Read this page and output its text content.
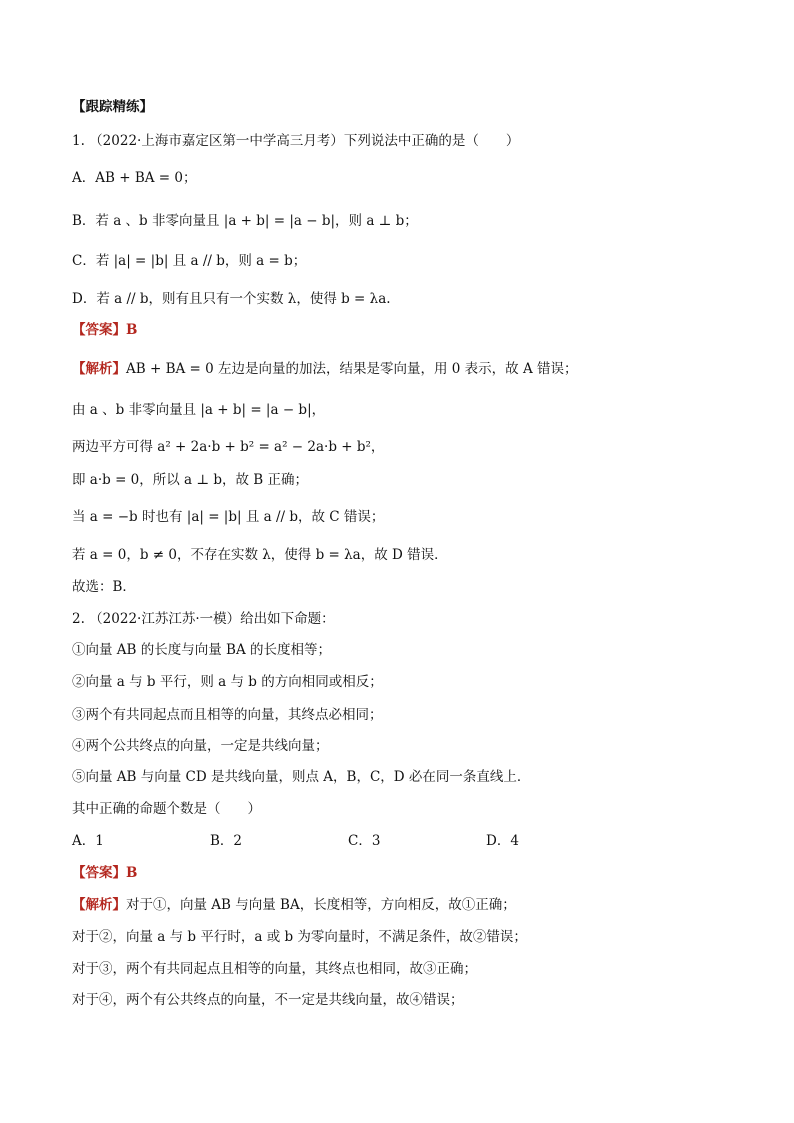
【跟踪精练】
1. （2022·上海市嘉定区第一中学高三月考）下列说法中正确的是（　　）
A．AB + BA = 0；
B．若 a 、b 非零向量且 |a + b| = |a − b|，则 a ⊥ b；
C．若 |a| = |b| 且 a // b，则 a = b；
D．若 a // b，则有且只有一个实数 λ，使得 b = λa.
【答案】B
【解析】AB + BA = 0 左边是向量的加法，结果是零向量，用 0 表示，故 A 错误；
由 a 、b 非零向量且 |a + b| = |a − b|，
两边平方可得 a² + 2a·b + b² = a² − 2a·b + b²，
即 a·b = 0，所以 a ⊥ b，故 B 正确；
当 a = −b 时也有 |a| = |b| 且 a // b，故 C 错误；
若 a = 0，b ≠ 0，不存在实数 λ，使得 b = λa，故 D 错误．
故选：B．
2. （2022·江苏江苏·一模）给出如下命题：
①向量 AB 的长度与向量 BA 的长度相等；
②向量 a 与 b 平行，则 a 与 b 的方向相同或相反；
③两个有共同起点而且相等的向量，其终点必相同；
④两个公共终点的向量，一定是共线向量；
⑤向量 AB 与向量 CD 是共线向量，则点 A，B，C，D 必在同一条直线上．
其中正确的命题个数是（　　）
A．1	B．2	C．3	D．4
【答案】B
【解析】对于①，向量 AB 与向量 BA，长度相等，方向相反，故①正确；
对于②，向量 a 与 b 平行时，a 或 b 为零向量时，不满足条件，故②错误；
对于③，两个有共同起点且相等的向量，其终点也相同，故③正确；
对于④，两个有公共终点的向量，不一定是共线向量，故④错误；
